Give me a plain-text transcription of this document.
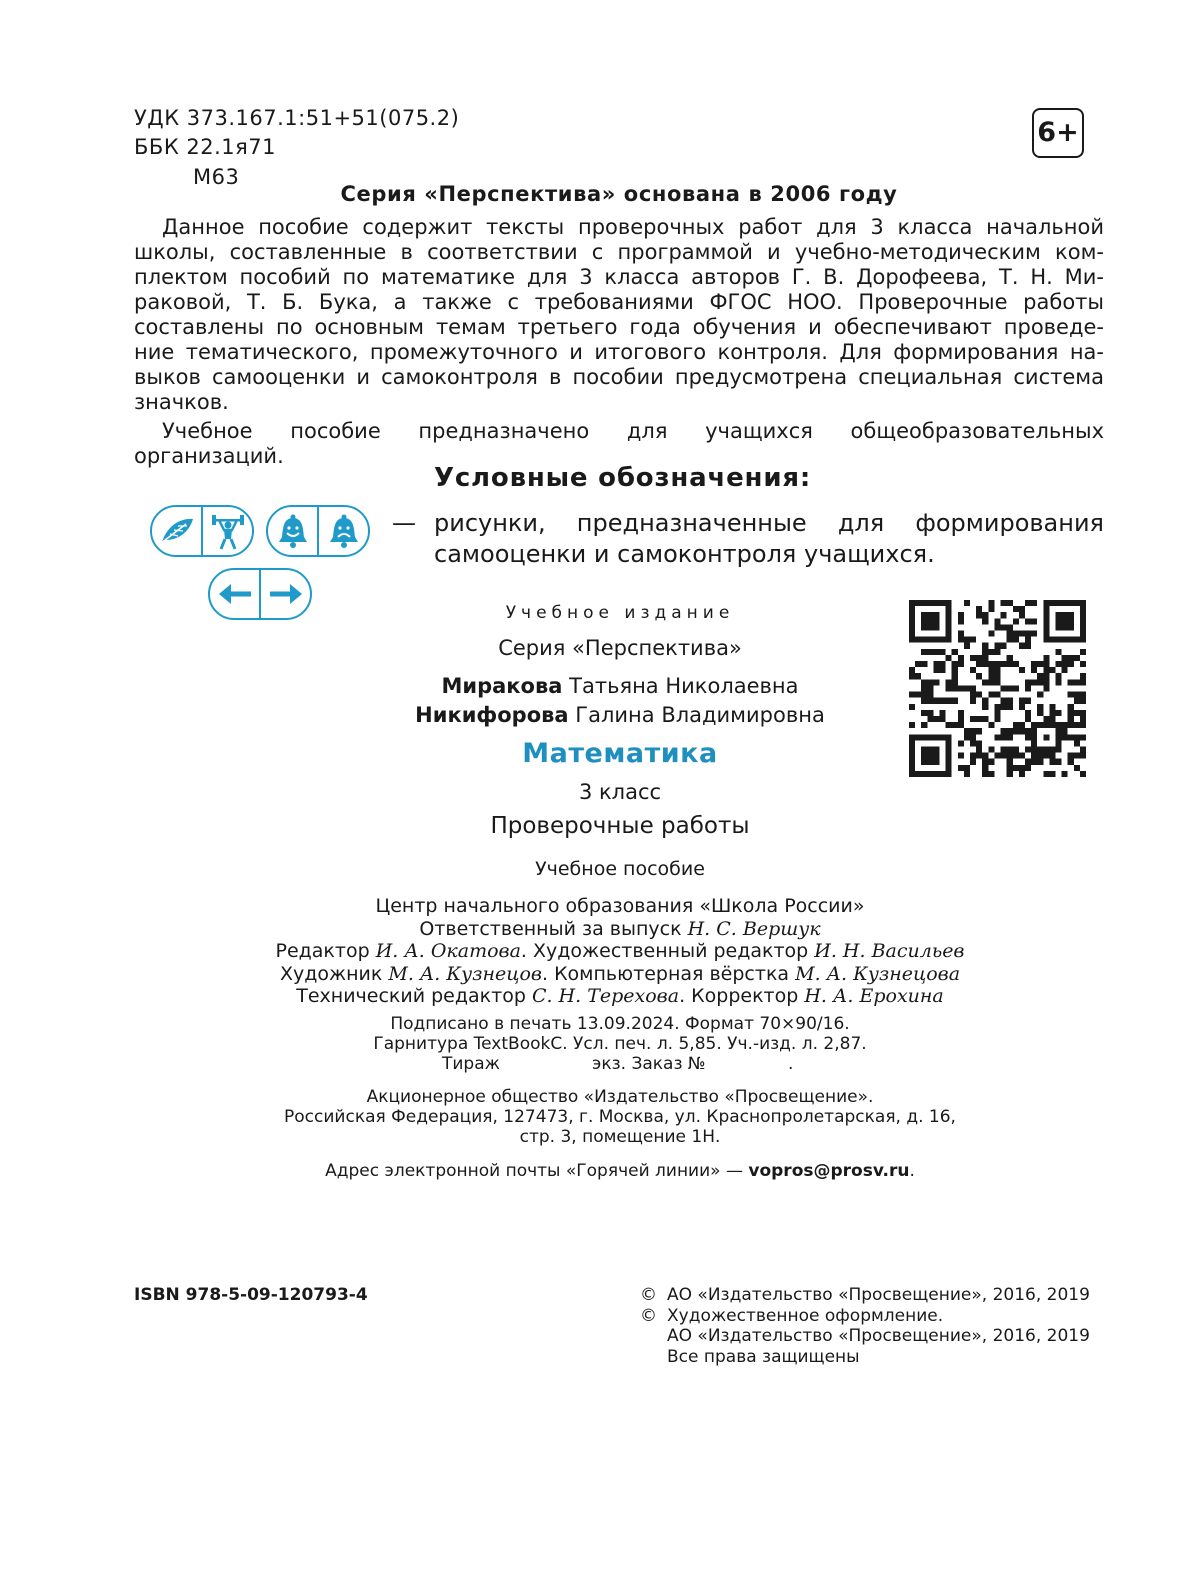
УДК 373.167.1:51+51(075.2)
ББК 22.1я71
М63
6+
Серия «Перспектива» основана в 2006 году
Данное пособие содержит тексты проверочных работ для 3 класса начальной
школы, составленные в соответствии с программой и учебно-методическим ком-
плектом пособий по математике для 3 класса авторов Г. В. Дорофеева, Т. Н. Ми-
раковой, Т. Б. Бука, а также с требованиями ФГОС НОО. Проверочные работы
составлены по основным темам третьего года обучения и обеспечивают проведе-
ние тематического, промежуточного и итогового контроля. Для формирования на-
выков самооценки и самоконтроля в пособии предусмотрена специальная система
значков.
Учебное пособие предназначено для учащихся общеобразовательных организаций.
Условные обозначения:
— рисунки, предназначенные для формирования
самооценки и самоконтроля учащихся.
Учебное издание
Серия «Перспектива»
Миракова Татьяна Николаевна
Никифорова Галина Владимировна
Математика
3 класс
Проверочные работы
Учебное пособие
Центр начального образования «Школа России»
Ответственный за выпуск Н. С. Вершук
Редактор И. А. Окатова. Художественный редактор И. Н. Васильев
Художник М. А. Кузнецов. Компьютерная вёрстка М. А. Кузнецова
Технический редактор С. Н. Терехова. Корректор Н. А. Ерохина
Подписано в печать 13.09.2024. Формат 70×90/16.
Гарнитура TextBookC. Усл. печ. л. 5,85. Уч.-изд. л. 2,87.
Тираж	экз. Заказ №	.
Акционерное общество «Издательство «Просвещение».
Российская Федерация, 127473, г. Москва, ул. Краснопролетарская, д. 16,
стр. 3, помещение 1Н.
Адрес электронной почты «Горячей линии» — vopros@prosv.ru.
ISBN 978-5-09-120793-4	© АО «Издательство «Просвещение», 2016, 2019
© Художественное оформление.
АО «Издательство «Просвещение», 2016, 2019
Все права защищены
